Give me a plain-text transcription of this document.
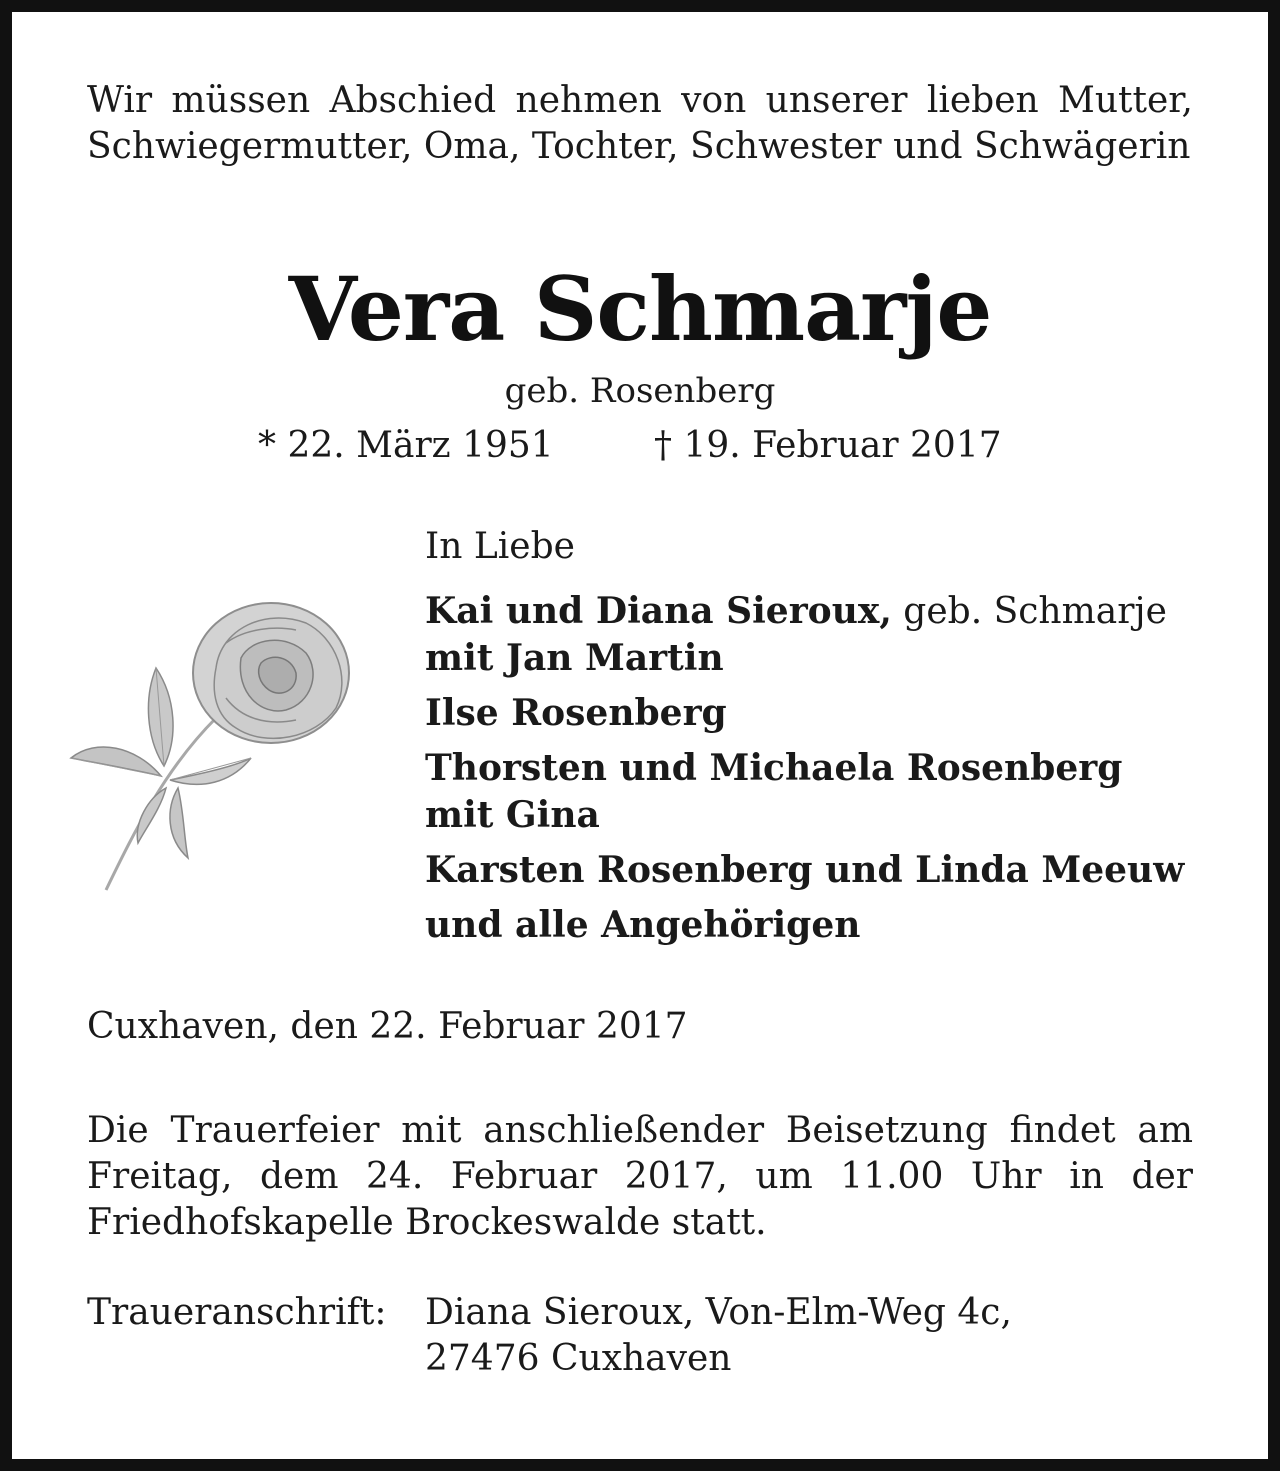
Wir müssen Abschied nehmen von unserer lieben Mutter, Schwiegermutter, Oma, Tochter, Schwester und Schwägerin
Vera Schmarje
geb. Rosenberg
* 22. März 1951	† 19. Februar 2017
In Liebe
Kai und Diana Sieroux, geb. Schmarje
mit Jan Martin
Ilse Rosenberg
Thorsten und Michaela Rosenberg
mit Gina
Karsten Rosenberg und Linda Meeuw
und alle Angehörigen
Cuxhaven, den 22. Februar 2017
Die Trauerfeier mit anschließender Beisetzung findet am Freitag, dem 24. Februar 2017, um 11.00 Uhr in der Friedhofskapelle Brockeswalde statt.
Traueranschrift: Diana Sieroux, Von-Elm-Weg 4c,
27476 Cuxhaven
